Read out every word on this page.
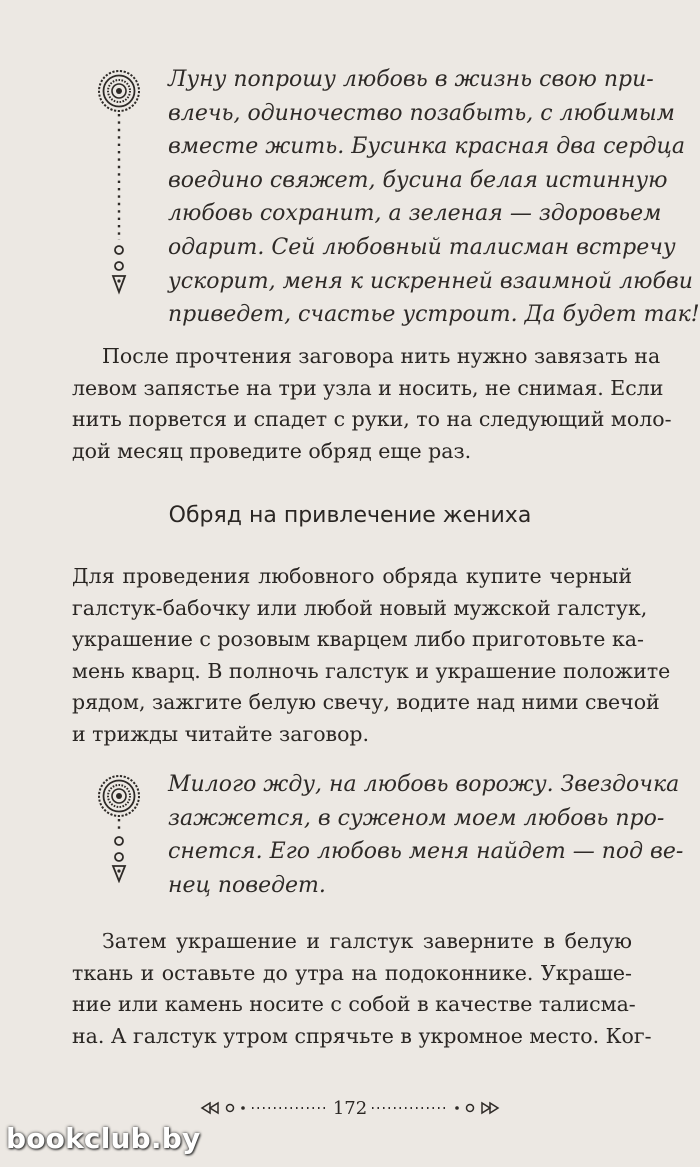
Луну попрошу любовь в жизнь свою при-
влечь, одиночество позабыть, с любимым
вместе жить. Бусинка красная два сердца
воедино свяжет, бусина белая истинную
любовь сохранит, а зеленая — здоровьем
одарит. Сей любовный талисман встречу
ускорит, меня к искренней взаимной любви
приведет, счастье устроит. Да будет так!
После прочтения заговора нить нужно завязать на
левом запястье на три узла и носить, не снимая. Если
нить порвется и спадет с руки, то на следующий моло-
дой месяц проведите обряд еще раз.
Обряд на привлечение жениха
Для проведения любовного обряда купите черный
галстук-бабочку или любой новый мужской галстук,
украшение с розовым кварцем либо приготовьте ка-
мень кварц. В полночь галстук и украшение положите
рядом, зажгите белую свечу, водите над ними свечой
и трижды читайте заговор.
Милого жду, на любовь ворожу. Звездочка
зажжется, в суженом моем любовь про-
снется. Его любовь меня найдет — под ве-
нец поведет.
Затем украшение и галстук заверните в белую
ткань и оставьте до утра на подоконнике. Украше-
ние или камень носите с собой в качестве талисма-
на. А галстук утром спрячьте в укромное место. Ког-
172
bookclub.by
